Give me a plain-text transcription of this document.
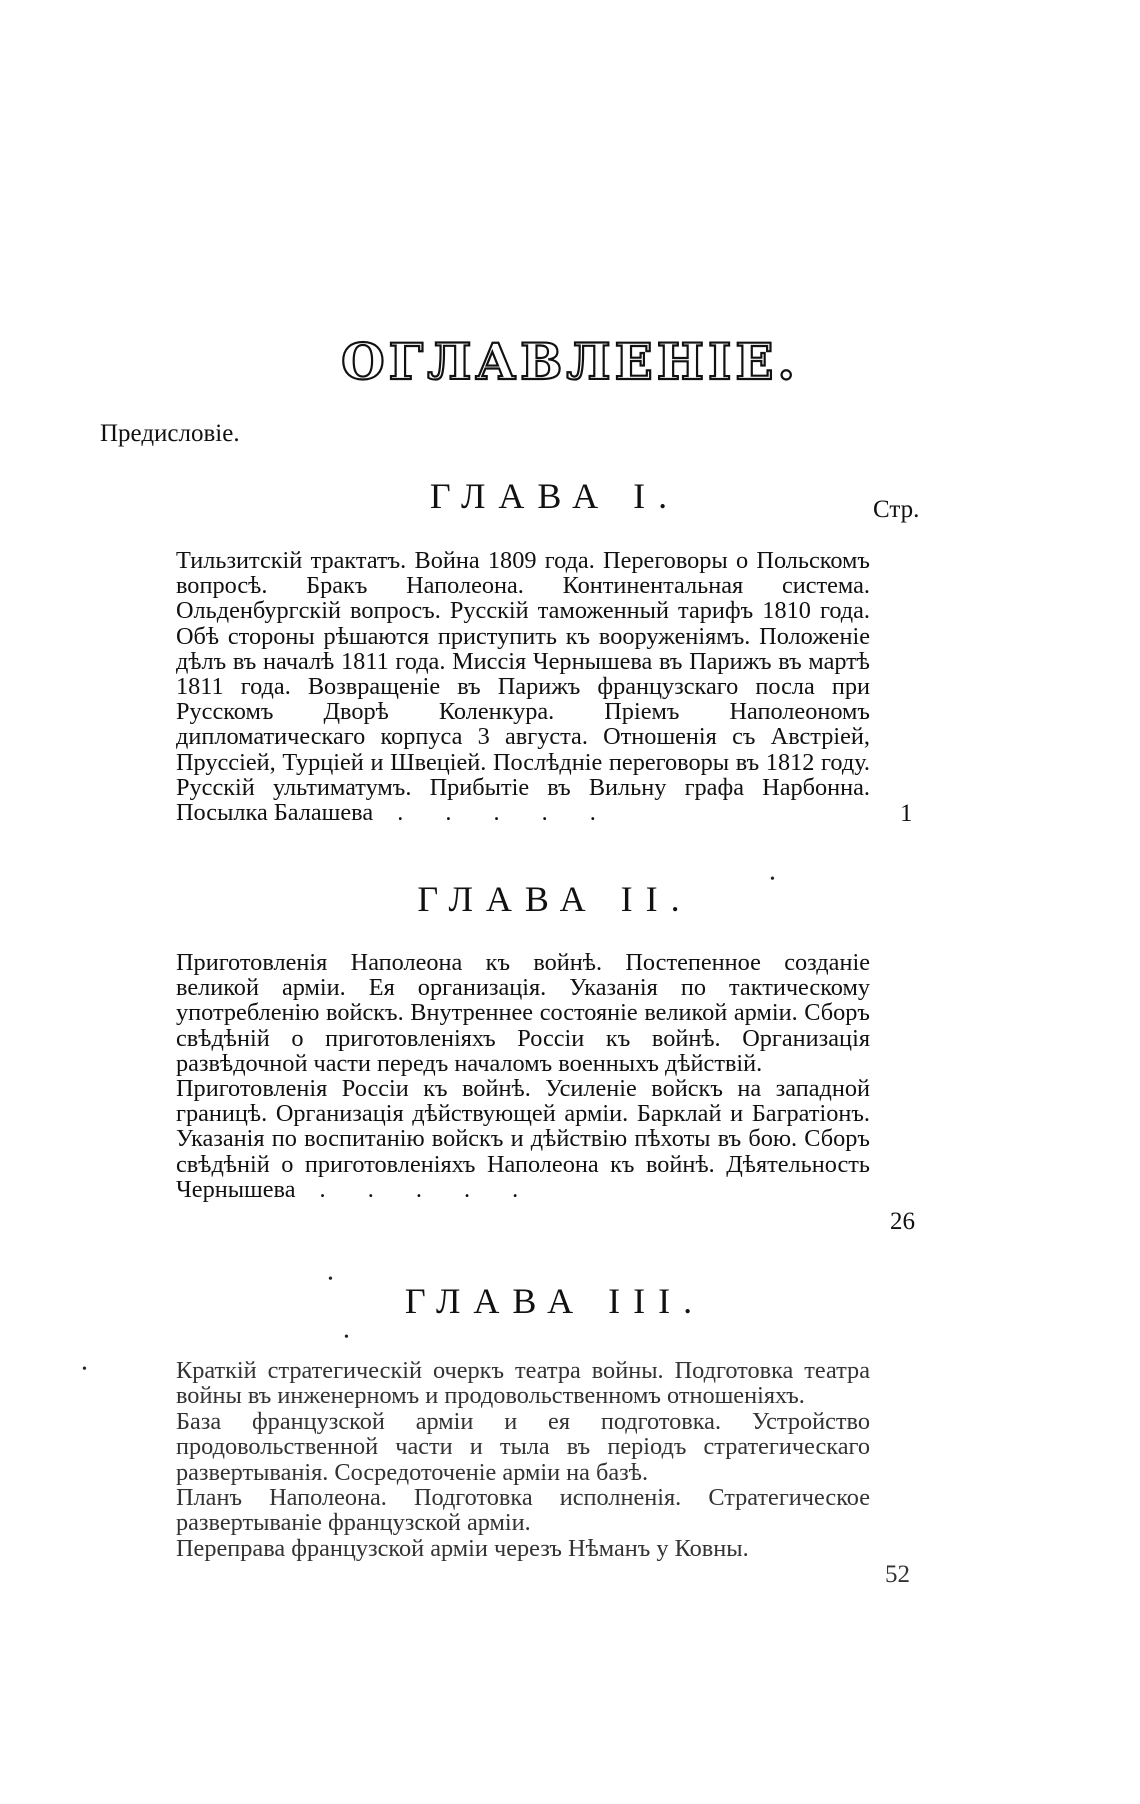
ОГЛАВЛЕНІЕ.
Предисловіе.
ГЛАВА I.	Стр.

Тильзитскій трактатъ. Война 1809 года. Переговоры о Польскомъ вопросѣ. Бракъ Наполеона. Континентальная система. Ольденбургскій вопросъ. Русскій таможенный тарифъ 1810 года. Обѣ стороны рѣшаются приступить къ вооруженіямъ. Положеніе дѣлъ въ началѣ 1811 года. Миссія Чернышева въ Парижъ въ мартѣ 1811 года. Возвращеніе въ Парижъ французскаго посла при Русскомъ Дворѣ Коленкура. Пріемъ Наполеономъ дипломатическаго корпуса 3 августа. Отношенія съ Австріей, Пруссіей, Турціей и Швеціей. Послѣдніе переговоры въ 1812 году. Русскій ультиматумъ. Прибытіе въ Вильну графа Нарбонна. Посылка Балашева . . . . .	1
ГЛАВА II.

Приготовленія Наполеона къ войнѣ. Постепенное созданіе великой арміи. Ея организація. Указанія по тактическому употребленію войскъ. Внутреннее состояніе великой арміи. Сборъ свѣдѣній о приготовленіяхъ Россіи къ войнѣ. Организація развѣдочной части передъ началомъ военныхъ дѣйствій.

Приготовленія Россіи къ войнѣ. Усиленіе войскъ на западной границѣ. Организація дѣйствующей арміи. Барклай и Багратіонъ. Указанія по воспитанію войскъ и дѣйствію пѣхоты въ бою. Сборъ свѣдѣній о приготовленіяхъ Наполеона къ войнѣ. Дѣятельность Чернышева . . . . .

26
ГЛАВА III.

Краткій стратегическій очеркъ театра войны. Подготовка театра войны въ инженерномъ и продовольственномъ отношеніяхъ.

База французской арміи и ея подготовка. Устройство продовольственной части и тыла въ періодъ стратегическаго развертыванія. Сосредоточеніе арміи на базѣ.

Планъ Наполеона. Подготовка исполненія. Стратегическое развертываніе французской арміи.

Переправа французской арміи черезъ Нѣманъ у Ковны.

52
•
•
•
•
